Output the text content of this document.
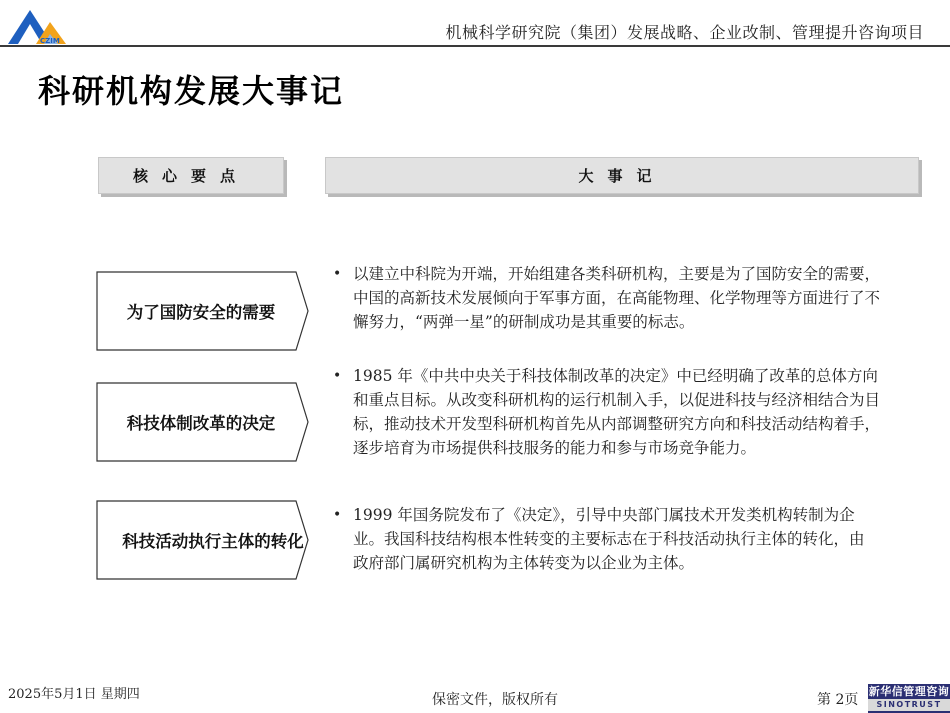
CZIM	机械科学研究院（集团）发展战略、企业改制、管理提升咨询项目
科研机构发展大事记
核心要点	大事记
为了国防安全的需要
• 以建立中科院为开端，开始组建各类科研机构，主要是为了国防安全的需要，中国的高新技术发展倾向于军事方面，在高能物理、化学物理等方面进行了不懈努力，“两弹一星”的研制成功是其重要的标志。
科技体制改革的决定
• 1985 年《中共中央关于科技体制改革的决定》中已经明确了改革的总体方向和重点目标。从改变科研机构的运行机制入手，以促进科技与经济相结合为目标，推动技术开发型科研机构首先从内部调整研究方向和科技活动结构着手，逐步培育为市场提供科技服务的能力和参与市场竞争能力。
科技活动执行主体的转化
• 1999 年国务院发布了《决定》，引导中央部门属技术开发类机构转制为企业。我国科技结构根本性转变的主要标志在于科技活动执行主体的转化，由政府部门属研究机构为主体转变为以企业为主体。
2025年5月1日 星期四	保密文件，版权所有	第 2页
新华信管理咨询
SINOTRUST
